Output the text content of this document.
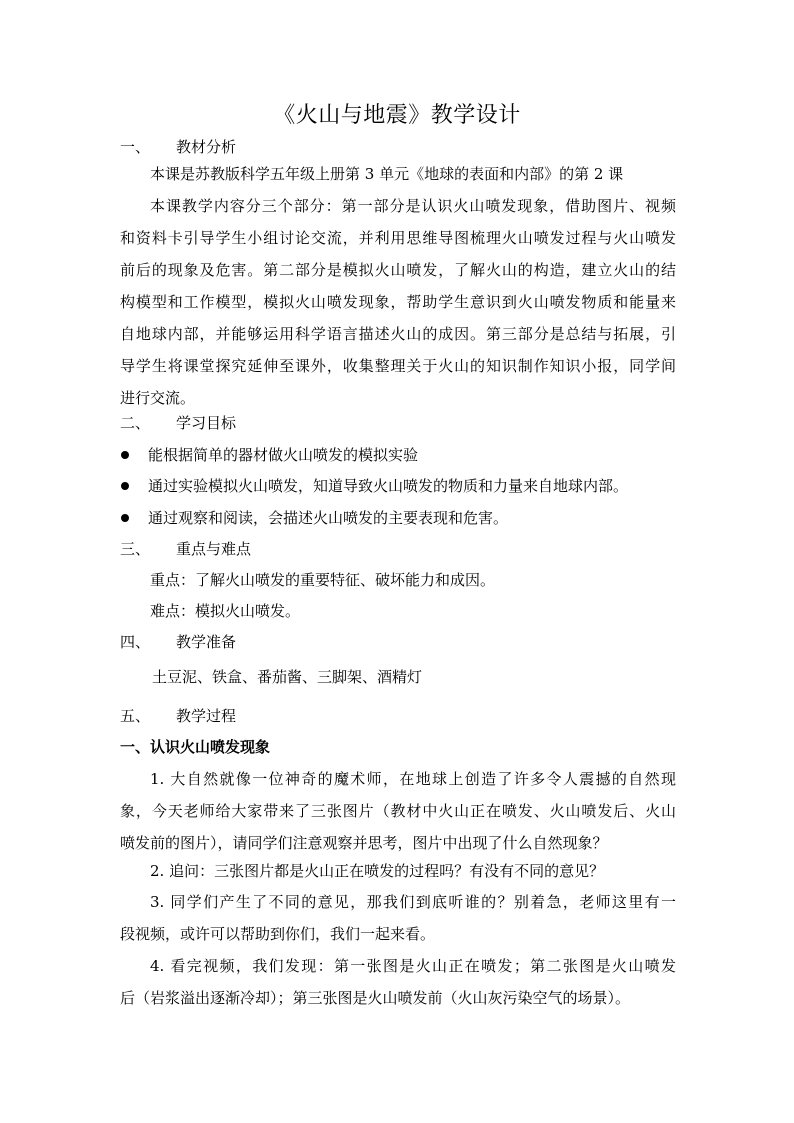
《火山与地震》教学设计
一、 教材分析
本课是苏教版科学五年级上册第 3 单元《地球的表面和内部》的第 2 课
本课教学内容分三个部分：第一部分是认识火山喷发现象，借助图片、视频
和资料卡引导学生小组讨论交流，并利用思维导图梳理火山喷发过程与火山喷发
前后的现象及危害。第二部分是模拟火山喷发，了解火山的构造，建立火山的结
构模型和工作模型，模拟火山喷发现象，帮助学生意识到火山喷发物质和能量来
自地球内部，并能够运用科学语言描述火山的成因。第三部分是总结与拓展，引
导学生将课堂探究延伸至课外，收集整理关于火山的知识制作知识小报，同学间
进行交流。
二、 学习目标
能根据简单的器材做火山喷发的模拟实验
通过实验模拟火山喷发，知道导致火山喷发的物质和力量来自地球内部。
通过观察和阅读，会描述火山喷发的主要表现和危害。
三、 重点与难点
重点：了解火山喷发的重要特征、破坏能力和成因。
难点：模拟火山喷发。
四、 教学准备
土豆泥、铁盒、番茄酱、三脚架、酒精灯
五、 教学过程
一、认识火山喷发现象
1. 大自然就像一位神奇的魔术师，在地球上创造了许多令人震撼的自然现
象，今天老师给大家带来了三张图片（教材中火山正在喷发、火山喷发后、火山
喷发前的图片），请同学们注意观察并思考，图片中出现了什么自然现象？
2. 追问：三张图片都是火山正在喷发的过程吗？有没有不同的意见？
3. 同学们产生了不同的意见，那我们到底听谁的？别着急，老师这里有一
段视频，或许可以帮助到你们，我们一起来看。
4. 看完视频，我们发现：第一张图是火山正在喷发；第二张图是火山喷发
后（岩浆溢出逐渐冷却）；第三张图是火山喷发前（火山灰污染空气的场景）。
